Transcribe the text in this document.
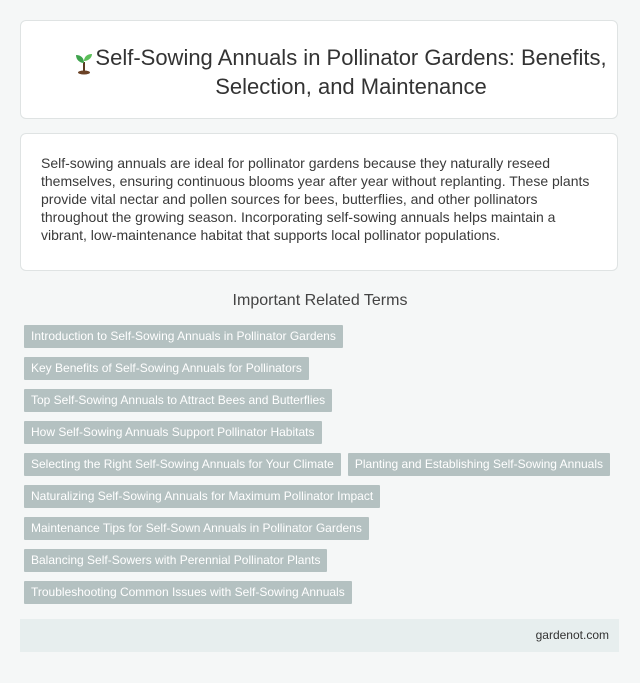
Self-Sowing Annuals in Pollinator Gardens: Benefits, Selection, and Maintenance

Self-sowing annuals are ideal for pollinator gardens because they naturally reseed themselves, ensuring continuous blooms year after year without replanting. These plants provide vital nectar and pollen sources for bees, butterflies, and other pollinators throughout the growing season. Incorporating self-sowing annuals helps maintain a vibrant, low-maintenance habitat that supports local pollinator populations.

Important Related Terms
Introduction to Self-Sowing Annuals in Pollinator Gardens
Key Benefits of Self-Sowing Annuals for Pollinators
Top Self-Sowing Annuals to Attract Bees and Butterflies
How Self-Sowing Annuals Support Pollinator Habitats
Selecting the Right Self-Sowing Annuals for Your Climate	Planting and Establishing Self-Sowing Annuals
Naturalizing Self-Sowing Annuals for Maximum Pollinator Impact
Maintenance Tips for Self-Sown Annuals in Pollinator Gardens
Balancing Self-Sowers with Perennial Pollinator Plants
Troubleshooting Common Issues with Self-Sowing Annuals
gardenot.com
